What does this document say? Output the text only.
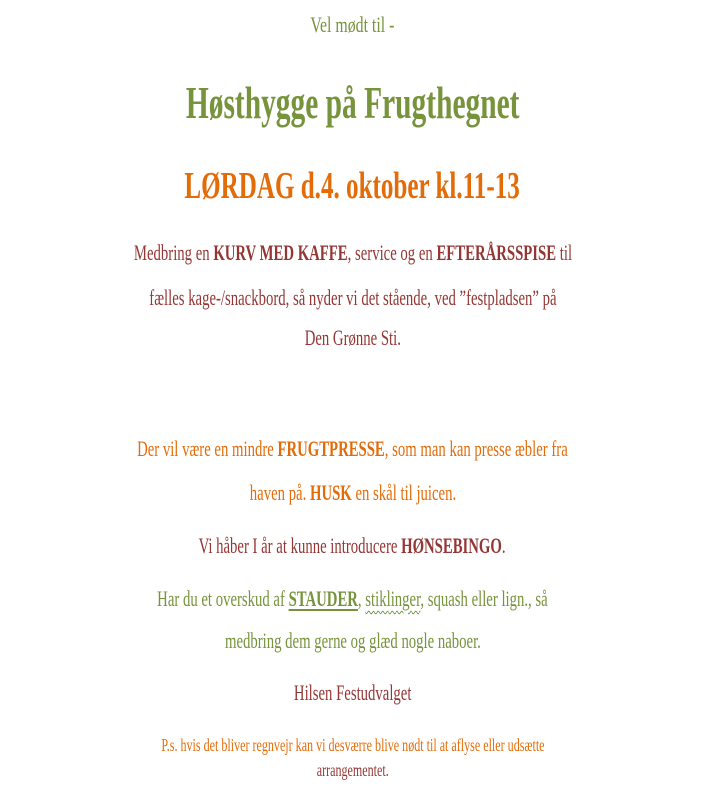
Vel mødt til -
Høsthygge på Frugthegnet
LØRDAG d.4. oktober kl.11-13
Medbring en KURV MED KAFFE, service og en EFTERÅRSSPISE til
fælles kage-/snackbord, så nyder vi det stående, ved ”festpladsen” på
Den Grønne Sti.
Der vil være en mindre FRUGTPRESSE, som man kan presse æbler fra
haven på. HUSK en skål til juicen.
Vi håber I år at kunne introducere HØNSEBINGO.
Har du et overskud af STAUDER, stiklinger, squash eller lign., så
medbring dem gerne og glæd nogle naboer.
Hilsen Festudvalget
P.s. hvis det bliver regnvejr kan vi desværre blive nødt til at aflyse eller udsætte
arrangementet.
